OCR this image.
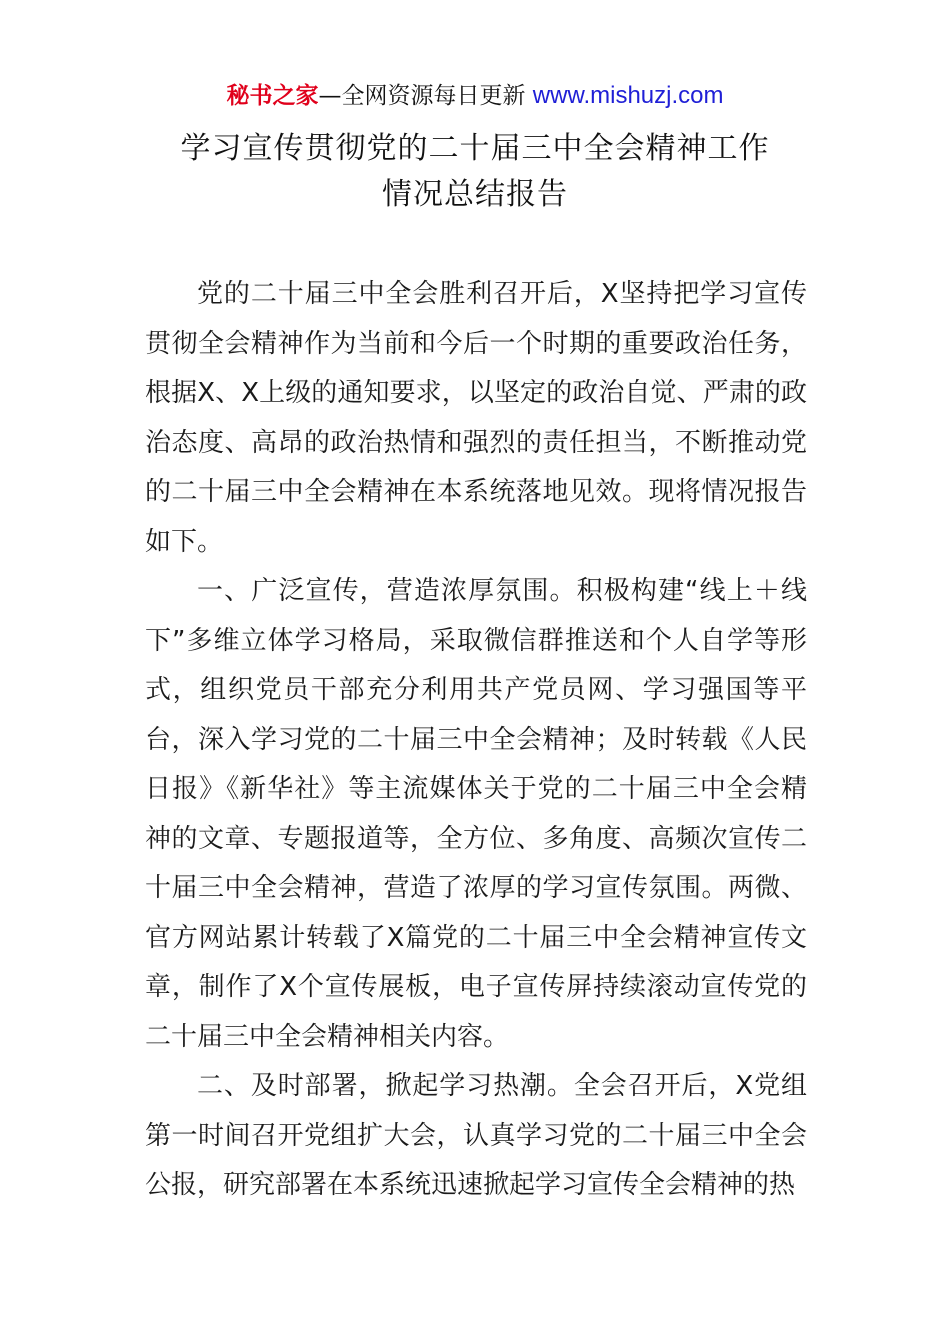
秘书之家—全网资源每日更新 www.mishuzj.com
学习宣传贯彻党的二十届三中全会精神工作
情况总结报告

党的二十届三中全会胜利召开后，X坚持把学习宣传贯彻全会精神作为当前和今后一个时期的重要政治任务，根据X、X上级的通知要求，以坚定的政治自觉、严肃的政治态度、高昂的政治热情和强烈的责任担当，不断推动党的二十届三中全会精神在本系统落地见效。现将情况报告如下。

一、广泛宣传，营造浓厚氛围。积极构建“线上＋线下”多维立体学习格局，采取微信群推送和个人自学等形式，组织党员干部充分利用共产党员网、学习强国等平台，深入学习党的二十届三中全会精神；及时转载《人民日报》《新华社》等主流媒体关于党的二十届三中全会精神的文章、专题报道等，全方位、多角度、高频次宣传二十届三中全会精神，营造了浓厚的学习宣传氛围。两微、官方网站累计转载了X篇党的二十届三中全会精神宣传文章，制作了X个宣传展板，电子宣传屏持续滚动宣传党的二十届三中全会精神相关内容。

二、及时部署，掀起学习热潮。全会召开后，X党组第一时间召开党组扩大会，认真学习党的二十届三中全会公报，研究部署在本系统迅速掀起学习宣传全会精神的热
